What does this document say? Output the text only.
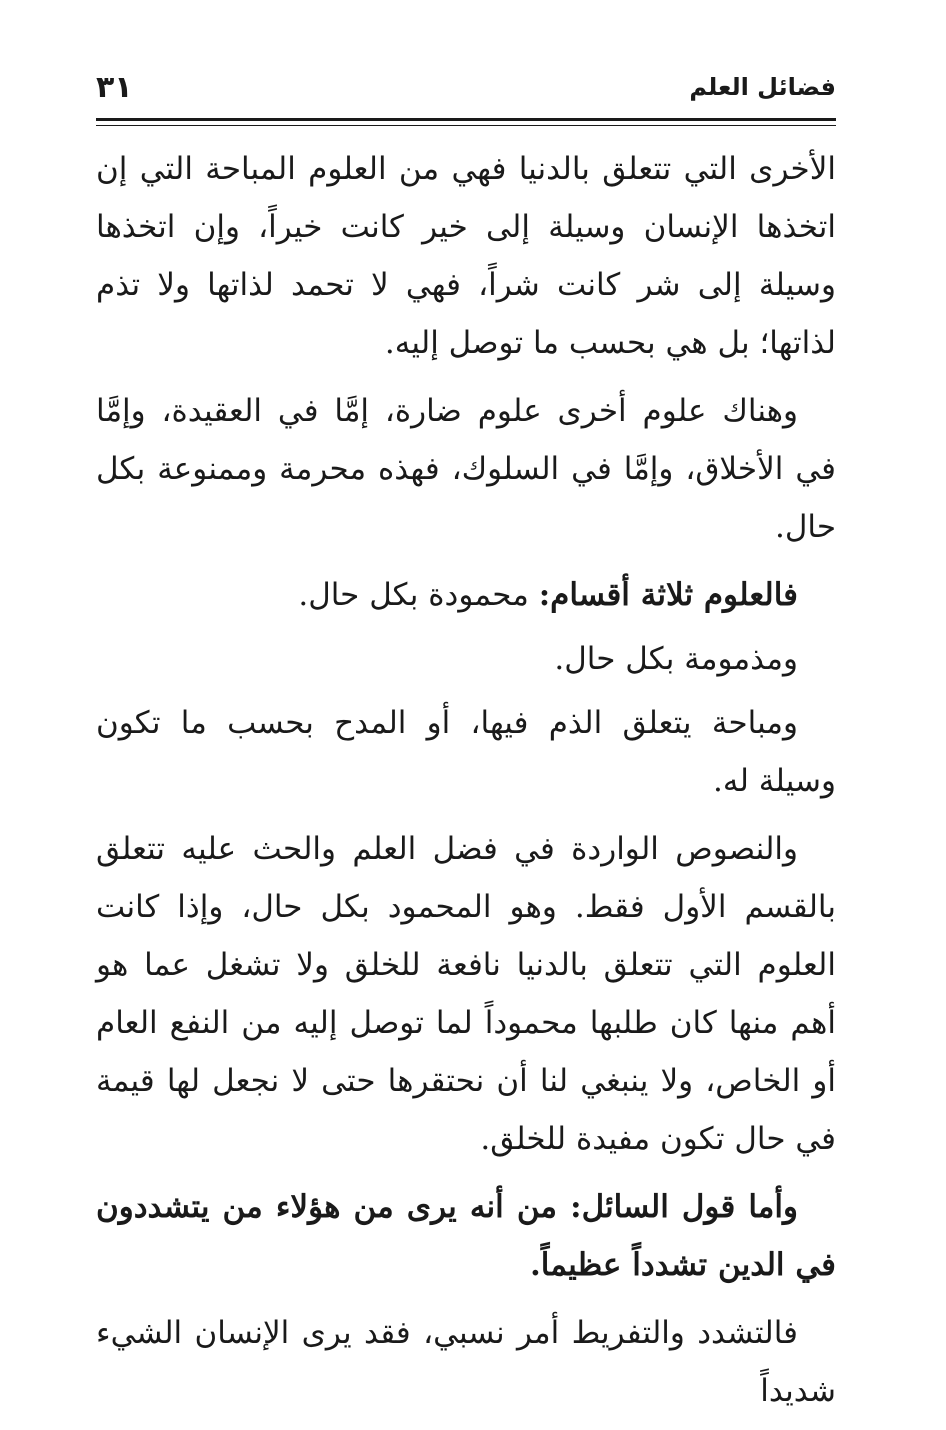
فضائل العلم
٣١

الأخرى التي تتعلق بالدنيا فهي من العلوم المباحة التي إن اتخذها الإنسان وسيلة إلى خير كانت خيراً، وإن اتخذها وسيلة إلى شر كانت شراً، فهي لا تحمد لذاتها ولا تذم لذاتها؛ بل هي بحسب ما توصل إليه.

وهناك علوم أخرى علوم ضارة، إمَّا في العقيدة، وإمَّا في الأخلاق، وإمَّا في السلوك، فهذه محرمة وممنوعة بكل حال.

فالعلوم ثلاثة أقسام: محمودة بكل حال.

ومذمومة بكل حال.

ومباحة يتعلق الذم فيها، أو المدح بحسب ما تكون وسيلة له.

والنصوص الواردة في فضل العلم والحث عليه تتعلق بالقسم الأول فقط. وهو المحمود بكل حال، وإذا كانت العلوم التي تتعلق بالدنيا نافعة للخلق ولا تشغل عما هو أهم منها كان طلبها محموداً لما توصل إليه من النفع العام أو الخاص، ولا ينبغي لنا أن نحتقرها حتى لا نجعل لها قيمة في حال تكون مفيدة للخلق.

وأما قول السائل: من أنه يرى من هؤلاء من يتشددون في الدين تشدداً عظيماً.

فالتشدد والتفريط أمر نسبي، فقد يرى الإنسان الشيء شديداً
